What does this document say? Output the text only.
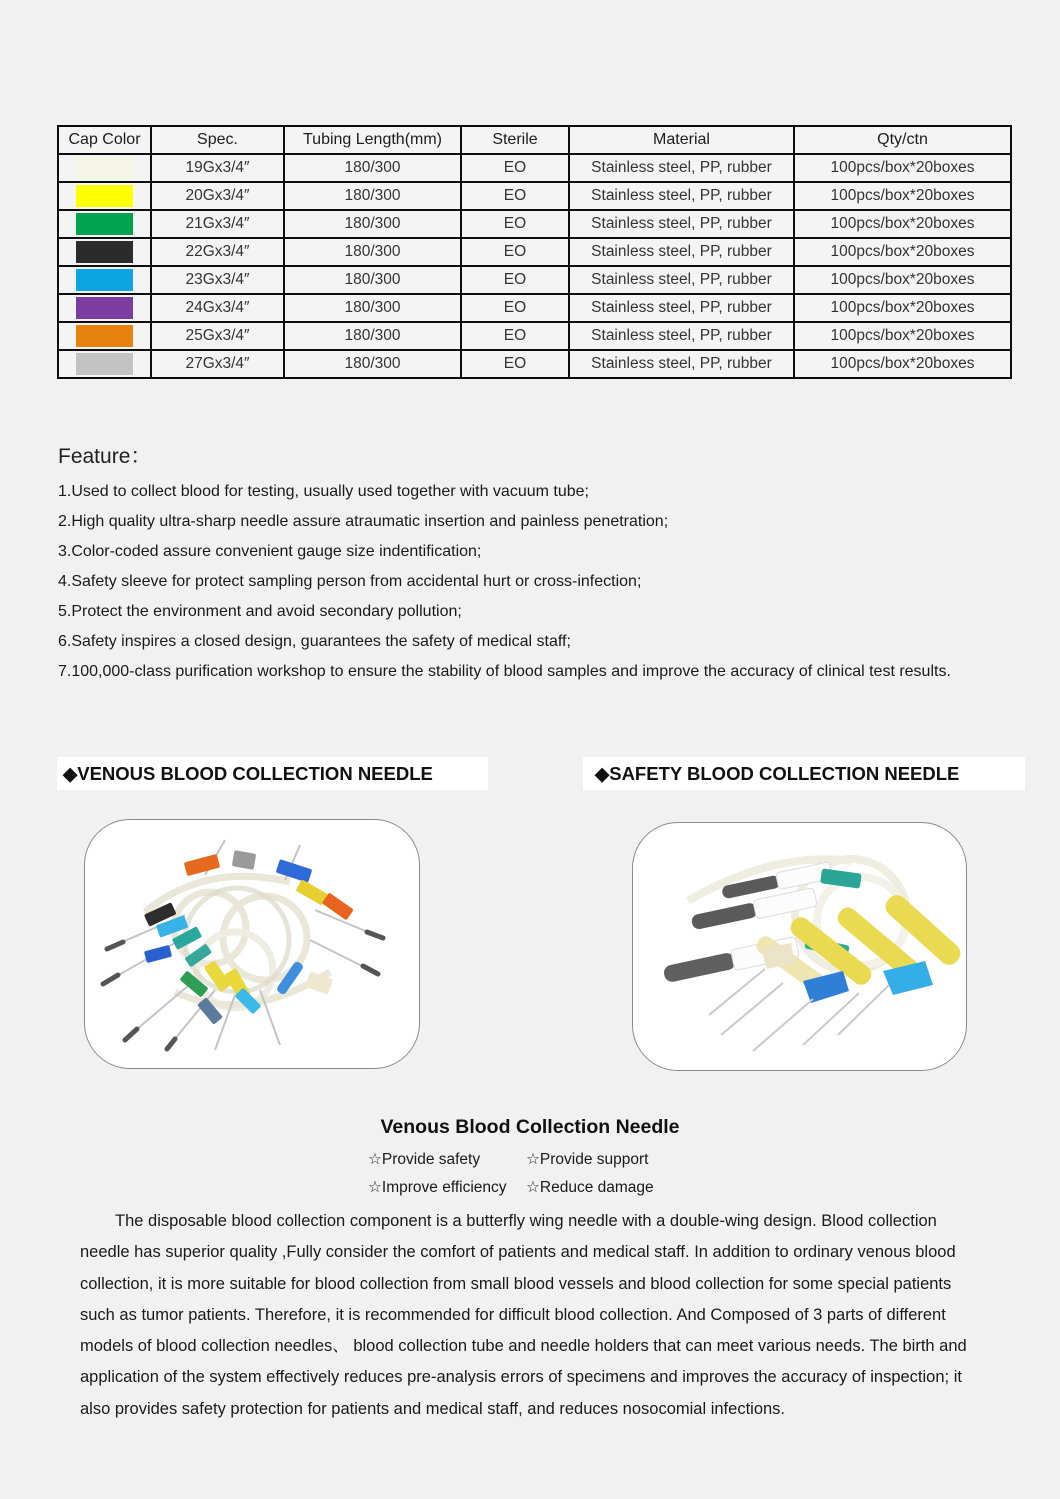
Cap Color	Spec.	Tubing Length(mm)	Sterile	Material	Qty/ctn
	19Gx3/4″	180/300	EO	Stainless steel, PP, rubber	100pcs/box*20boxes
	20Gx3/4″	180/300	EO	Stainless steel, PP, rubber	100pcs/box*20boxes
	21Gx3/4″	180/300	EO	Stainless steel, PP, rubber	100pcs/box*20boxes
	22Gx3/4″	180/300	EO	Stainless steel, PP, rubber	100pcs/box*20boxes
	23Gx3/4″	180/300	EO	Stainless steel, PP, rubber	100pcs/box*20boxes
	24Gx3/4″	180/300	EO	Stainless steel, PP, rubber	100pcs/box*20boxes
	25Gx3/4″	180/300	EO	Stainless steel, PP, rubber	100pcs/box*20boxes
	27Gx3/4″	180/300	EO	Stainless steel, PP, rubber	100pcs/box*20boxes
Feature：
1.Used to collect blood for testing, usually used together with vacuum tube;
2.High quality ultra-sharp needle assure atraumatic insertion and painless penetration;
3.Color-coded assure convenient gauge size indentification;
4.Safety sleeve for protect sampling person from accidental hurt or cross-infection;
5.Protect the environment and avoid secondary pollution;
6.Safety inspires a closed design, guarantees the safety of medical staff;
7.100,000-class purification workshop to ensure the stability of blood samples and improve the accuracy of clinical test results.
◆VENOUS BLOOD COLLECTION NEEDLE	◆SAFETY BLOOD COLLECTION NEEDLE
Venous Blood Collection Needle
☆Provide safety	☆Provide support
☆Improve efficiency	☆Reduce damage
The disposable blood collection component is a butterfly wing needle with a double-wing design. Blood collection needle has superior quality ,Fully consider the comfort of patients and medical staff. In addition to ordinary venous blood collection, it is more suitable for blood collection from small blood vessels and blood collection for some special patients such as tumor patients. Therefore, it is recommended for difficult blood collection. And Composed of 3 parts of different models of blood collection needles、 blood collection tube and needle holders that can meet various needs. The birth and application of the system effectively reduces pre-analysis errors of specimens and improves the accuracy of inspection; it also provides safety protection for patients and medical staff, and reduces nosocomial infections.
